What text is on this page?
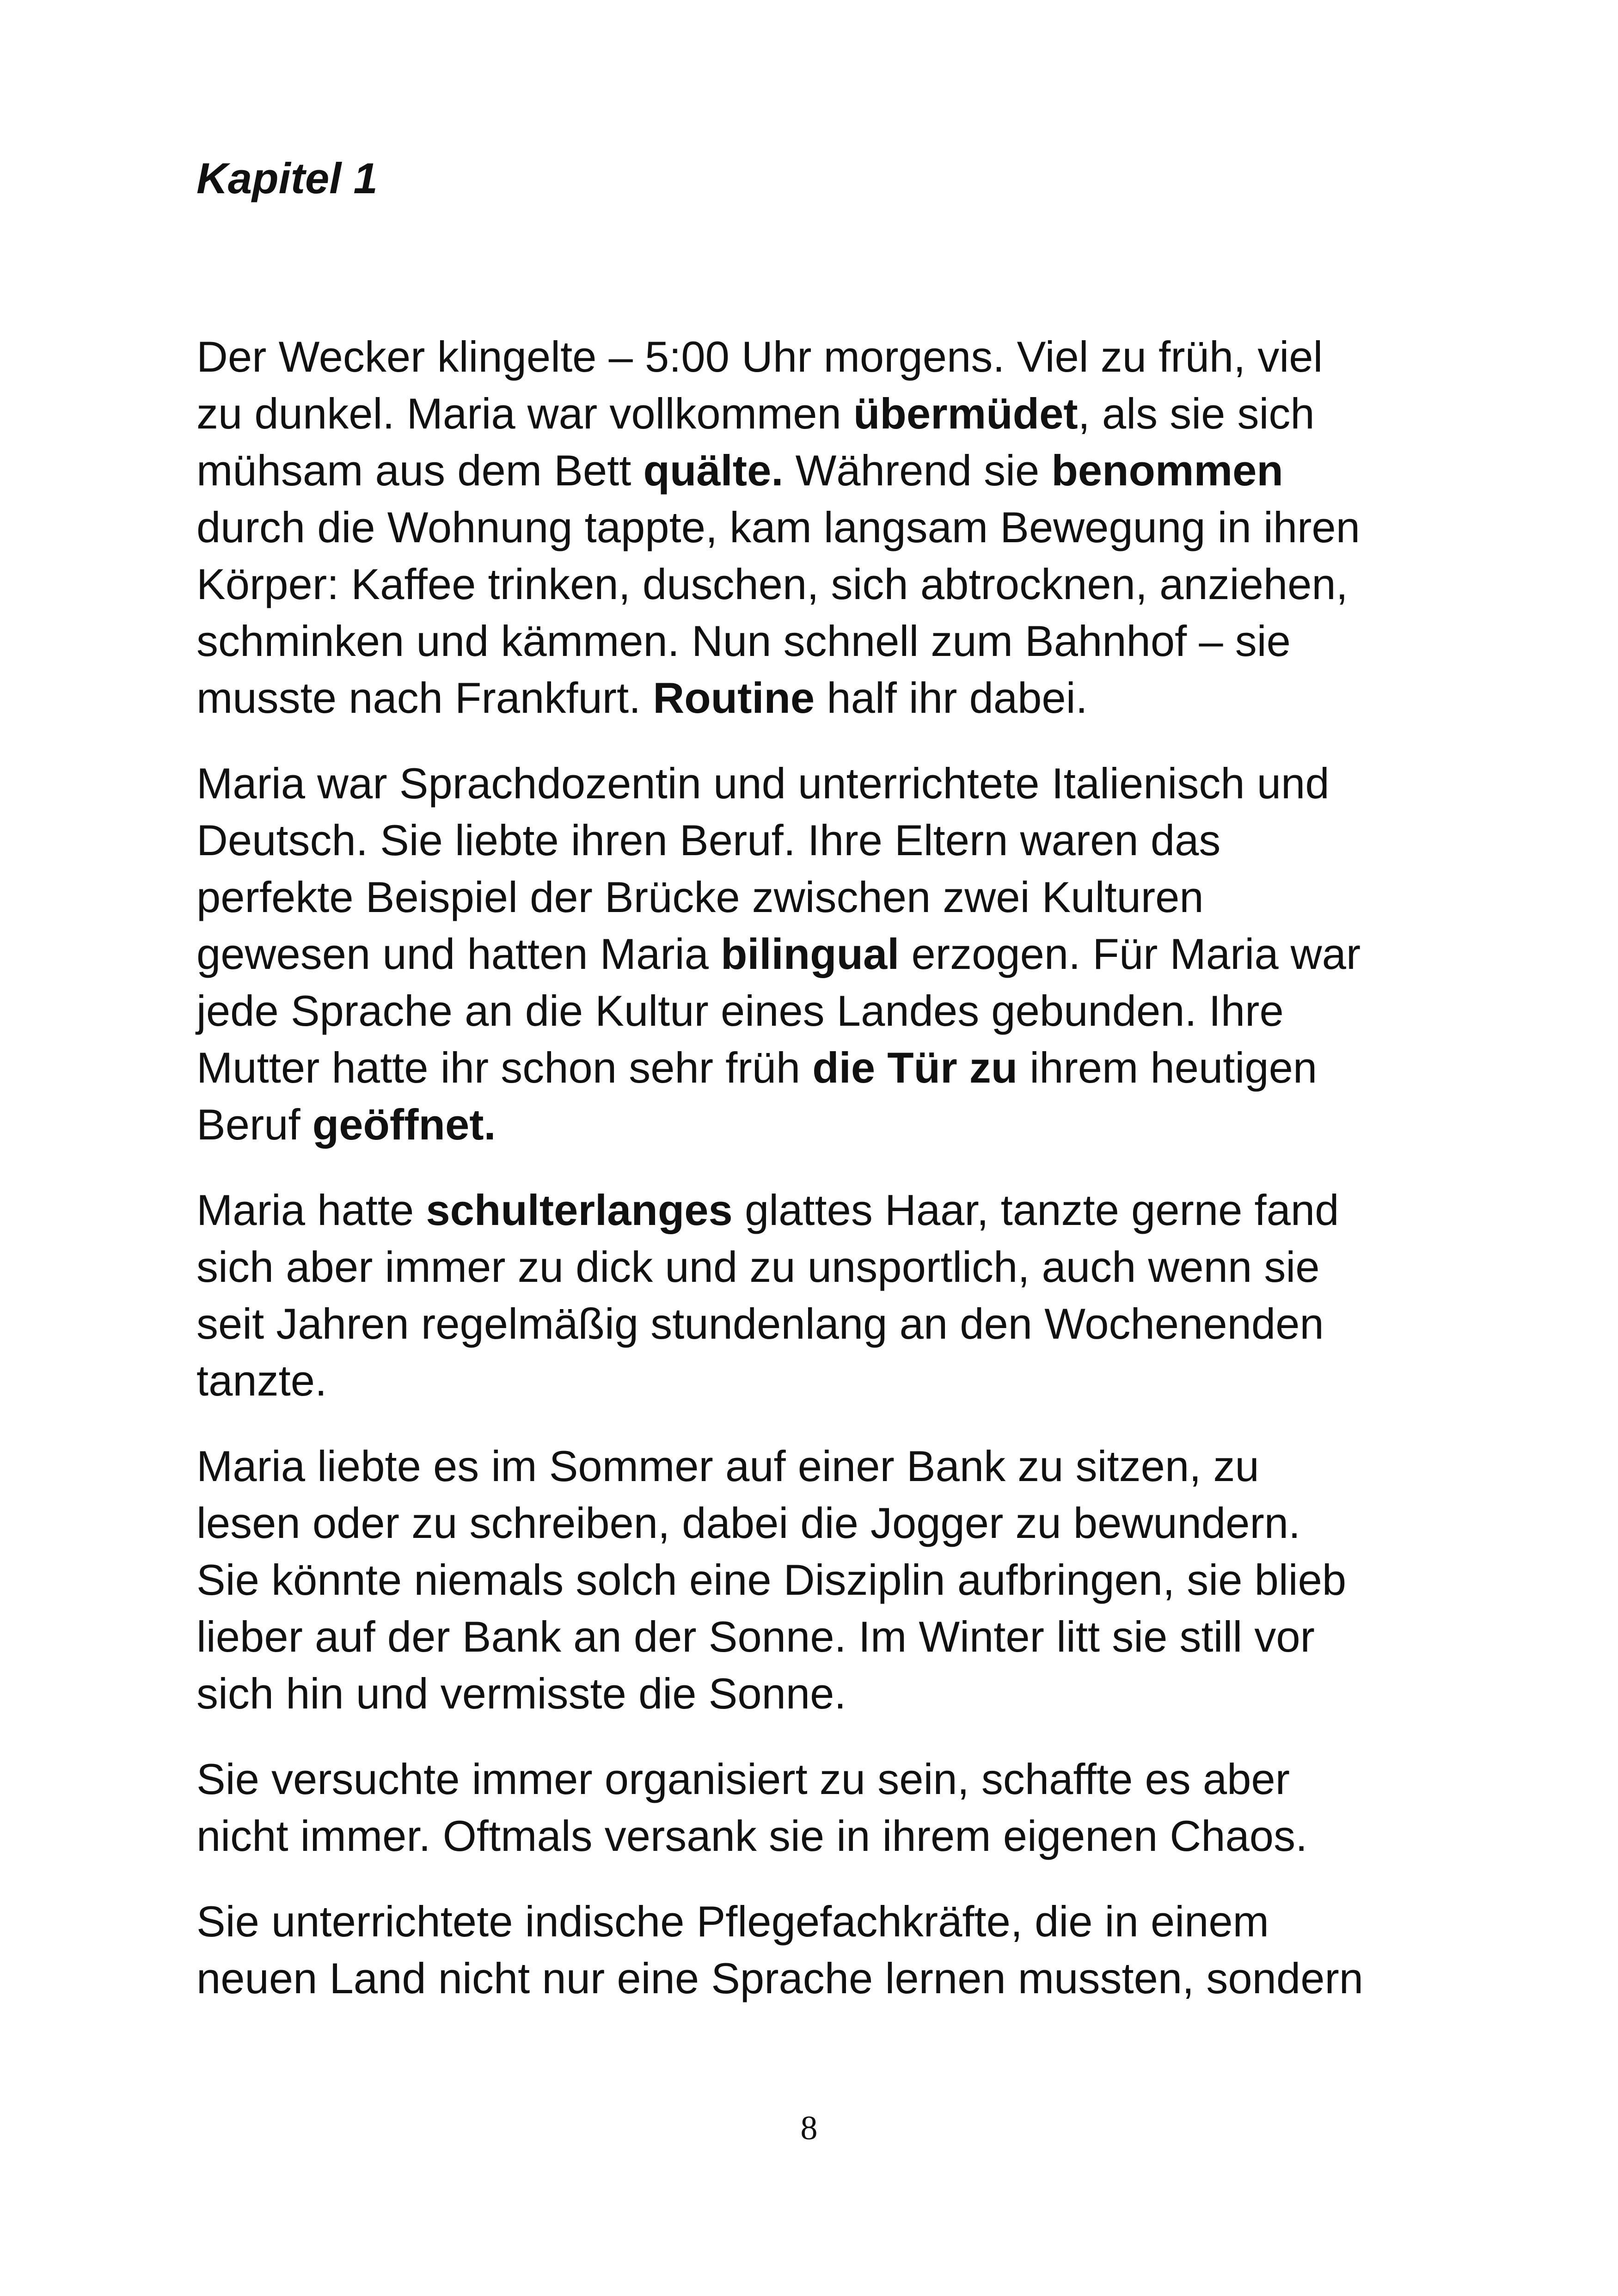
Kapitel 1

Der Wecker klingelte – 5:00 Uhr morgens. Viel zu früh, viel
zu dunkel. Maria war vollkommen übermüdet, als sie sich
mühsam aus dem Bett quälte. Während sie benommen
durch die Wohnung tappte, kam langsam Bewegung in ihren
Körper: Kaffee trinken, duschen, sich abtrocknen, anziehen,
schminken und kämmen. Nun schnell zum Bahnhof – sie
musste nach Frankfurt. Routine half ihr dabei.

Maria war Sprachdozentin und unterrichtete Italienisch und
Deutsch. Sie liebte ihren Beruf. Ihre Eltern waren das
perfekte Beispiel der Brücke zwischen zwei Kulturen
gewesen und hatten Maria bilingual erzogen. Für Maria war
jede Sprache an die Kultur eines Landes gebunden. Ihre
Mutter hatte ihr schon sehr früh die Tür zu ihrem heutigen
Beruf geöffnet.

Maria hatte schulterlanges glattes Haar, tanzte gerne fand
sich aber immer zu dick und zu unsportlich, auch wenn sie
seit Jahren regelmäßig stundenlang an den Wochenenden
tanzte.

Maria liebte es im Sommer auf einer Bank zu sitzen, zu
lesen oder zu schreiben, dabei die Jogger zu bewundern.
Sie könnte niemals solch eine Disziplin aufbringen, sie blieb
lieber auf der Bank an der Sonne. Im Winter litt sie still vor
sich hin und vermisste die Sonne.

Sie versuchte immer organisiert zu sein, schaffte es aber
nicht immer. Oftmals versank sie in ihrem eigenen Chaos.

Sie unterrichtete indische Pflegefachkräfte, die in einem
neuen Land nicht nur eine Sprache lernen mussten, sondern

8
